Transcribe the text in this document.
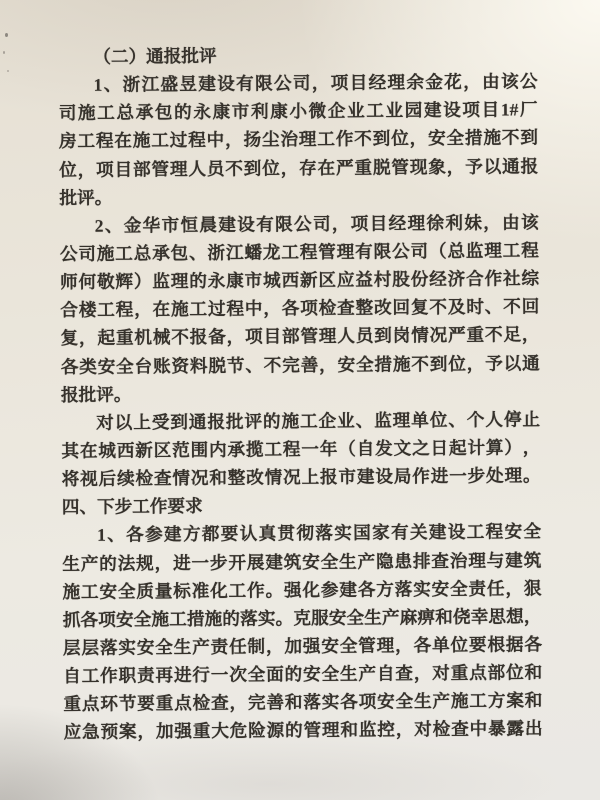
（二）通报批评
1 、 浙 江 盛 昱 建 设 有 限 公 司 ， 项 目 经 理 余 金 花 ， 由 该 公
司 施 工 总 承 包 的 永 康 市 利 康 小 微 企 业 工 业 园 建 设 项 目 1# 厂
房 工 程 在 施 工 过 程 中 ， 扬 尘 治 理 工 作 不 到 位 ， 安 全 措 施 不 到
位 ， 项 目 部 管 理 人 员 不 到 位 ， 存 在 严 重 脱 管 现 象 ， 予 以 通 报
批评。
2 、 金 华 市 恒 晨 建 设 有 限 公 司 ， 项 目 经 理 徐 利 妹 ， 由 该
公 司 施 工 总 承 包 、 浙 江 蟠 龙 工 程 管 理 有 限 公 司 （ 总 监 理 工 程
师 何 敬 辉 ） 监 理 的 永 康 市 城 西 新 区 应 益 村 股 份 经 济 合 作 社 综
合 楼 工 程 ， 在 施 工 过 程 中 ， 各 项 检 查 整 改 回 复 不 及 时 、 不 回
复 ， 起 重 机 械 不 报 备 ， 项 目 部 管 理 人 员 到 岗 情 况 严 重 不 足 ，
各 类 安 全 台 账 资 料 脱 节 、 不 完 善 ， 安 全 措 施 不 到 位 ， 予 以 通
报批评。
对 以 上 受 到 通 报 批 评 的 施 工 企 业 、 监 理 单 位 、 个 人 停 止
其 在 城 西 新 区 范 围 内 承 揽 工 程 一 年 （ 自 发 文 之 日 起 计 算 ） ，
将 视 后 续 检 查 情 况 和 整 改 情 况 上 报 市 建 设 局 作 进 一 步 处 理 。
四、下步工作要求
1 、 各 参 建 方 都 要 认 真 贯 彻 落 实 国 家 有 关 建 设 工 程 安 全
生 产 的 法 规 ， 进 一 步 开 展 建 筑 安 全 生 产 隐 患 排 查 治 理 与 建 筑
施 工 安 全 质 量 标 准 化 工 作 。 强 化 参 建 各 方 落 实 安 全 责 任 ， 狠
抓 各 项 安 全 施 工 措 施 的 落 实 。 克 服 安 全 生 产 麻 痹 和 侥 幸 思 想 ，
层 层 落 实 安 全 生 产 责 任 制 ， 加 强 安 全 管 理 ， 各 单 位 要 根 据 各
自 工 作 职 责 再 进 行 一 次 全 面 的 安 全 生 产 自 查 ， 对 重 点 部 位 和
重 点 环 节 要 重 点 检 查 ， 完 善 和 落 实 各 项 安 全 生 产 施 工 方 案 和
应 急 预 案 ， 加 强 重 大 危 险 源 的 管 理 和 监 控 ， 对 检 查 中 暴 露 出
